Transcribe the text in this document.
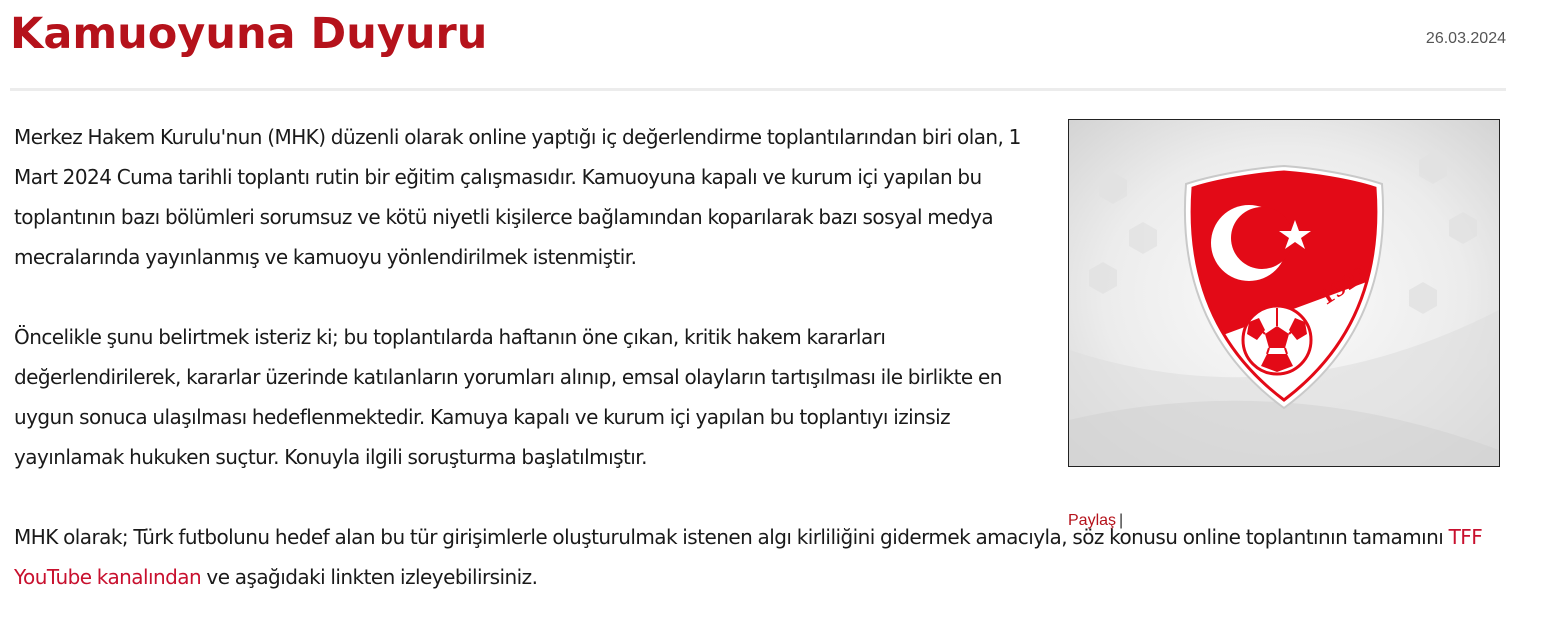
Kamuoyuna Duyuru	26.03.2024

Merkez Hakem Kurulu'nun (MHK) düzenli olarak online yaptığı iç değerlendirme toplantılarından biri olan, 1 Mart 2024 Cuma tarihli toplantı rutin bir eğitim çalışmasıdır. Kamuoyuna kapalı ve kurum içi yapılan bu toplantının bazı bölümleri sorumsuz ve kötü niyetli kişilerce bağlamından koparılarak bazı sosyal medya mecralarında yayınlanmış ve kamuoyu yönlendirilmek istenmiştir.

Öncelikle şunu belirtmek isteriz ki; bu toplantılarda haftanın öne çıkan, kritik hakem kararları değerlendirilerek, kararlar üzerinde katılanların yorumları alınıp, emsal olayların tartışılması ile birlikte en uygun sonuca ulaşılması hedeflenmektedir. Kamuya kapalı ve kurum içi yapılan bu toplantıyı izinsiz yayınlamak hukuken suçtur. Konuyla ilgili soruşturma başlatılmıştır.

MHK olarak; Türk futbolunu hedef alan bu tür girişimlerle oluşturulmak istenen algı kirliliğini gidermek amacıyla, söz konusu online toplantının tamamını TFF YouTube kanalından ve aşağıdaki linkten izleyebilirsiniz.

1923
Paylaş |
